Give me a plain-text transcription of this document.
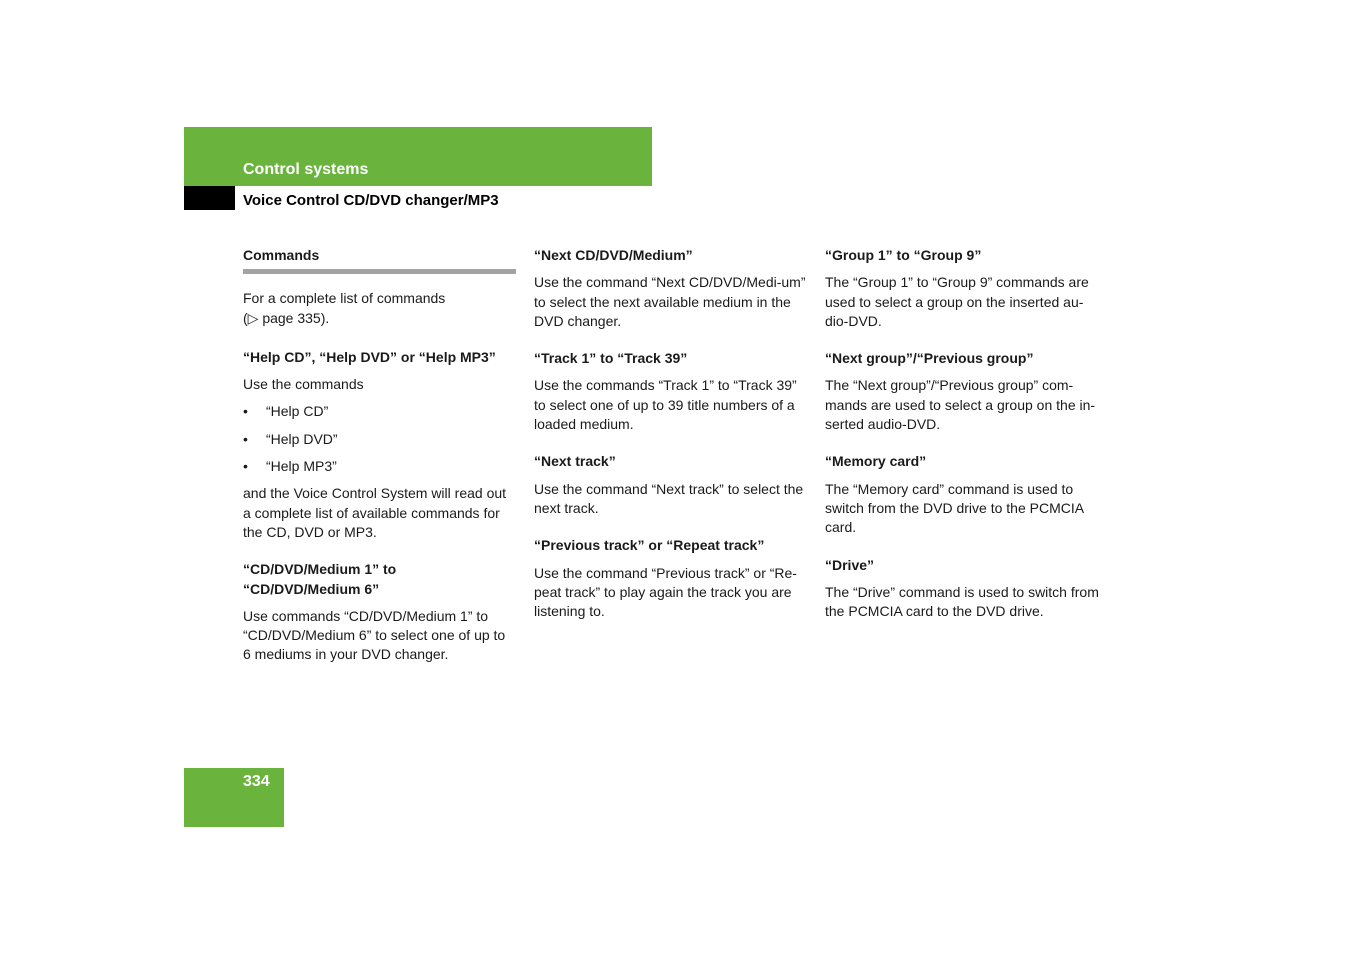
Control systems
Voice Control CD/DVD changer/MP3
Commands
For a complete list of commands
(▷ page 335).
“Help CD”, “Help DVD” or “Help MP3”
Use the commands
• “Help CD”
• “Help DVD”
• “Help MP3”
and the Voice Control System will read out a complete list of available commands for the CD, DVD or MP3.
“CD/DVD/Medium 1” to
“CD/DVD/Medium 6”
Use commands “CD/DVD/Medium 1” to “CD/DVD/Medium 6” to select one of up to 6 mediums in your DVD changer.
“Next CD/DVD/Medium”
Use the command “Next CD/DVD/Medi-um” to select the next available medium in the DVD changer.
“Track 1” to “Track 39”
Use the commands “Track 1” to “Track 39” to select one of up to 39 title numbers of a loaded medium.
“Next track”
Use the command “Next track” to select the next track.
“Previous track” or “Repeat track”
Use the command “Previous track” or “Re-peat track” to play again the track you are listening to.
“Group 1” to “Group 9”
The “Group 1” to “Group 9” commands are used to select a group on the inserted au-dio-DVD.
“Next group”/“Previous group”
The “Next group”/“Previous group” com-mands are used to select a group on the in-serted audio-DVD.
“Memory card”
The “Memory card” command is used to switch from the DVD drive to the PCMCIA card.
“Drive”
The “Drive” command is used to switch from the PCMCIA card to the DVD drive.
334
